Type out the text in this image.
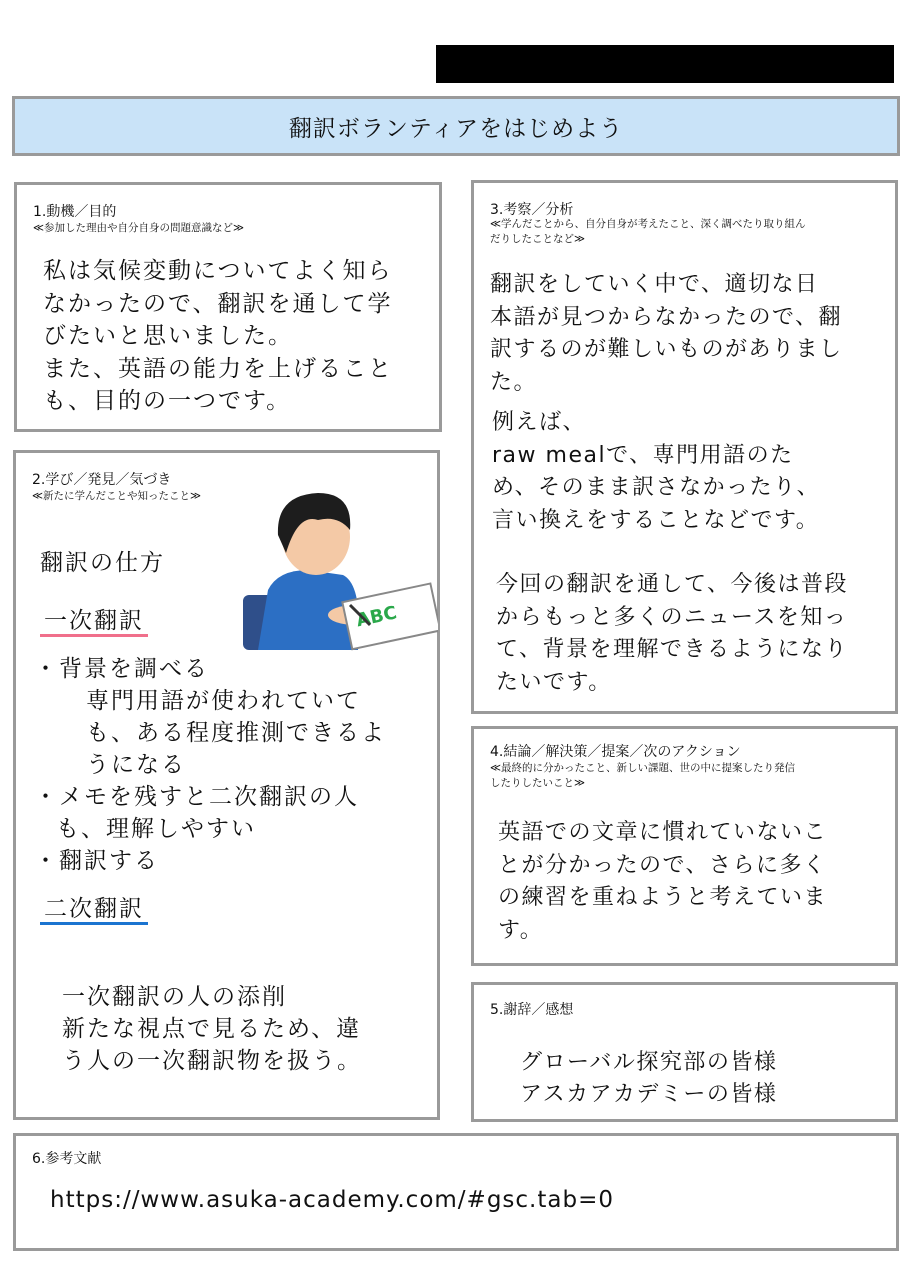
翻訳ボランティアをはじめよう
1.動機／目的
≪参加した理由や自分自身の問題意識など≫
私は気候変動についてよく知ら
なかったので、翻訳を通して学
びたいと思いました。
また、英語の能力を上げること
も、目的の一つです。
2.学び／発見／気づき
≪新たに学んだことや知ったこと≫
ABC
翻訳の仕方
一次翻訳
・背景を調べる
専門用語が使われていて
も、ある程度推測できるよ
うになる
・メモを残すと二次翻訳の人
も、理解しやすい
・翻訳する
二次翻訳
一次翻訳の人の添削
新たな視点で見るため、違
う人の一次翻訳物を扱う。
3.考察／分析
≪学んだことから、自分自身が考えたこと、深く調べたり取り組ん
だりしたことなど≫
翻訳をしていく中で、適切な日
本語が見つからなかったので、翻
訳するのが難しいものがありまし
た。
例えば、
raw mealで、専門用語のた
め、そのまま訳さなかったり、
言い換えをすることなどです。
今回の翻訳を通して、今後は普段
からもっと多くのニュースを知っ
て、背景を理解できるようになり
たいです。
4.結論／解決策／提案／次のアクション
≪最終的に分かったこと、新しい課題、世の中に提案したり発信
したりしたいこと≫
英語での文章に慣れていないこ
とが分かったので、さらに多く
の練習を重ねようと考えていま
す。
5.謝辞／感想
グローバル探究部の皆様
アスカアカデミーの皆様
6.参考文献
https://www.asuka-academy.com/#gsc.tab=0
